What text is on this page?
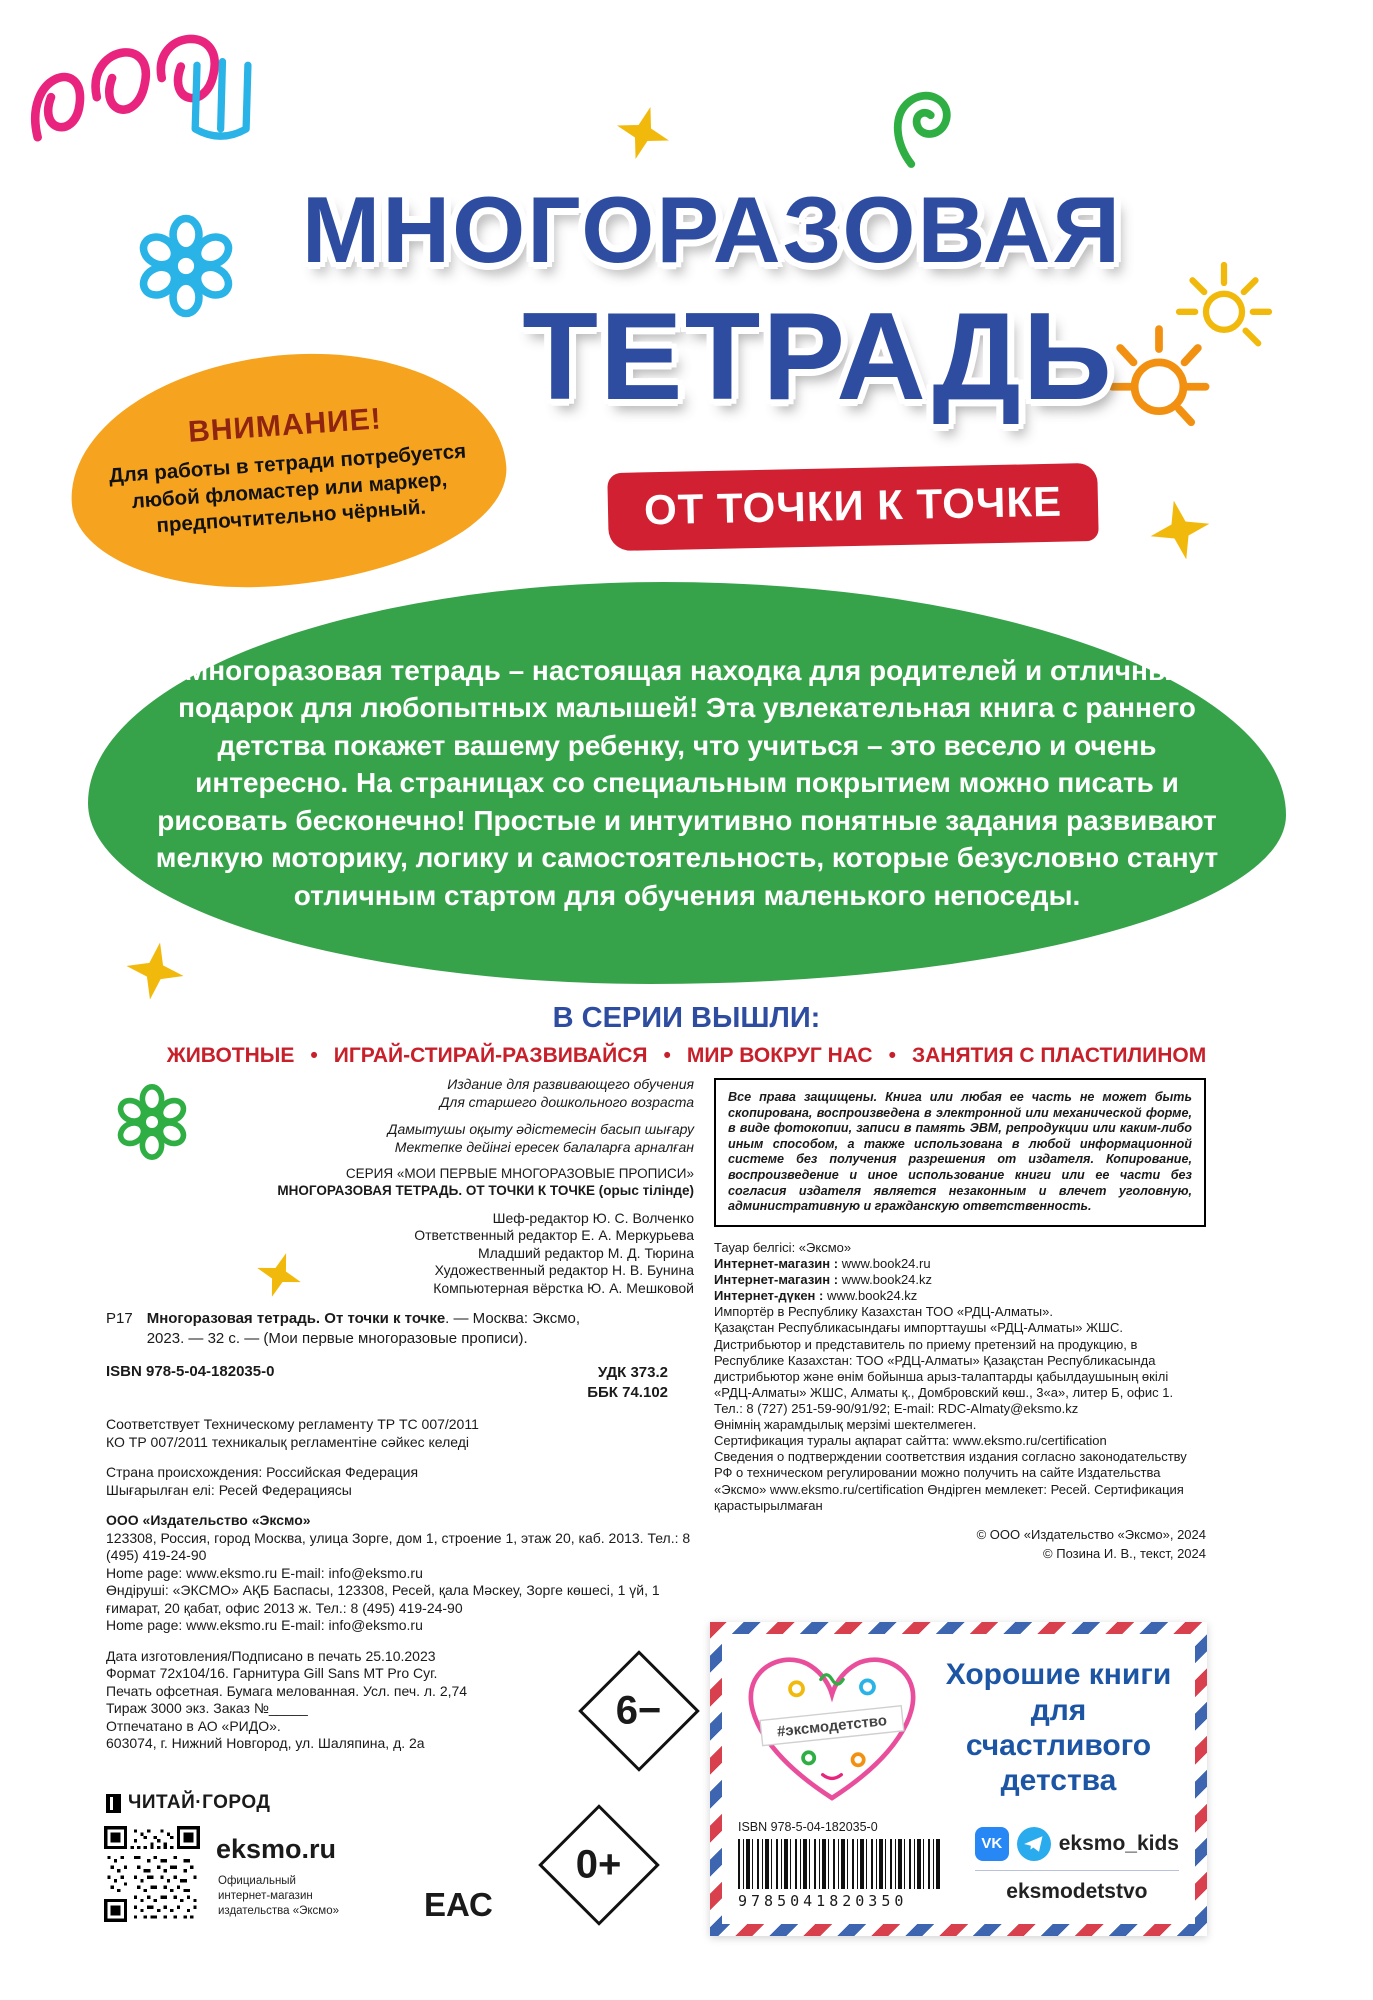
МНОГОРАЗОВАЯ
ТЕТРАДЬ
ОТ ТОЧКИ К ТОЧКЕ
ВНИМАНИЕ!
Для работы в тетради потребуется любой фломастер или маркер, предпочтительно чёрный.

Многоразовая тетрадь – настоящая находка для родителей и отличный подарок для любопытных малышей! Эта увлекательная книга с раннего детства покажет вашему ребенку, что учиться – это весело и очень интересно. На страницах со специальным покрытием можно писать и рисовать бесконечно! Простые и интуитивно понятные задания развивают мелкую моторику, логику и самостоятельность, которые безусловно станут отличным стартом для обучения маленького непоседы.

В СЕРИИ ВЫШЛИ:
ЖИВОТНЫЕ • ИГРАЙ-СТИРАЙ-РАЗВИВАЙСЯ • МИР ВОКРУГ НАС • ЗАНЯТИЯ С ПЛАСТИЛИНОМ
Издание для развивающего обучения
Для старшего дошкольного возраста
Дамытушы оқыту әдістемесін басып шығару
Мектепке дейінгі ересек балаларға арналған
СЕРИЯ «МОИ ПЕРВЫЕ МНОГОРАЗОВЫЕ ПРОПИСИ»
МНОГОРАЗОВАЯ ТЕТРАДЬ. ОТ ТОЧКИ К ТОЧКЕ (орыс тілінде)
Шеф-редактор Ю. С. Волченко
Ответственный редактор Е. А. Меркурьева
Младший редактор М. Д. Тюрина
Художественный редактор Н. В. Бунина
Компьютерная вёрстка Ю. А. Мешковой
Р17 Многоразовая тетрадь. От точки к точке. — Москва: Эксмо, 2023. — 32 с. — (Мои первые многоразовые прописи).

ISBN 978-5-04-182035-0	УДК 373.2
ББК 74.102
Соответствует Техническому регламенту ТР ТС 007/2011
КО ТР 007/2011 техникалық регламентіне сәйкес келеді
Страна происхождения: Российская Федерация
Шығарылған елі: Ресей Федерациясы
ООО «Издательство «Эксмо»
123308, Россия, город Москва, улица Зорге, дом 1, строение 1, этаж 20, каб. 2013. Тел.: 8 (495) 419-24-90
Home page: www.eksmo.ru E-mail: info@eksmo.ru
Өндіруші: «ЭКСМО» АҚБ Баспасы, 123308, Ресей, қала Мәскеу, Зорге көшесі, 1 үй, 1 ғимарат, 20 қабат, офис 2013 ж. Тел.: 8 (495) 419-24-90
Home page: www.eksmo.ru E-mail: info@eksmo.ru
Дата изготовления/Подписано в печать 25.10.2023
Формат 72х104/16. Гарнитура Gill Sans MT Pro Суг.
Печать офсетная. Бумага мелованная. Усл. печ. л. 2,74
Тираж 3000 экз. Заказ №_____
Отпечатано в АО «РИДО».
603074, г. Нижний Новгород, ул. Шаляпина, д. 2а
Все права защищены. Книга или любая ее часть не может быть скопирована, воспроизведена в электронной или механической форме, в виде фотокопии, записи в память ЭВМ, репродукции или каким-либо иным способом, а также использована в любой информационной системе без получения разрешения от издателя. Копирование, воспроизведение и иное использование книги или ее части без согласия издателя является незаконным и влечет уголовную, административную и гражданскую ответственность.
Тауар белгісі: «Эксмо»
Интернет-магазин : www.book24.ru
Интернет-магазин : www.book24.kz
Интернет-дүкен : www.book24.kz
Импортёр в Республику Казахстан ТОО «РДЦ-Алматы».
Қазақстан Республикасындағы импорттаушы «РДЦ-Алматы» ЖШС. Дистрибьютор и представитель по приему претензий на продукцию, в Республике Казахстан: ТОО «РДЦ-Алматы» Қазақстан Республикасында дистрибьютор және өнім бойынша арыз-талаптарды қабылдаушының өкілі «РДЦ-Алматы» ЖШС, Алматы қ., Домбровский көш., 3«а», литер Б, офис 1.
Тел.: 8 (727) 251-59-90/91/92; E-mail: RDC-Almaty@eksmo.kz
Өнімнің жарамдылық мерзімі шектелмеген.
Сертификация туралы ақпарат сайтта: www.eksmo.ru/certification
Сведения о подтверждении соответствия издания согласно законодательству РФ о техническом регулировании можно получить на сайте Издательства «Эксмо» www.eksmo.ru/certification Өндірген мемлекет: Ресей. Сертификация қарастырылмаған
© ООО «Издательство «Эксмо», 2024
© Позина И. В., текст, 2024
ЧИТАЙ·ГОРОД
eksmo.ru
Официальный
интернет-магазин
издательства «Эксмо»	ЕАС
6−
0+
#эксмодетство
Хорошие книги для счастливого детства
ISBN 978-5-04-182035-0
9785041820350
VK	eksmo_kids
eksmodetstvo
